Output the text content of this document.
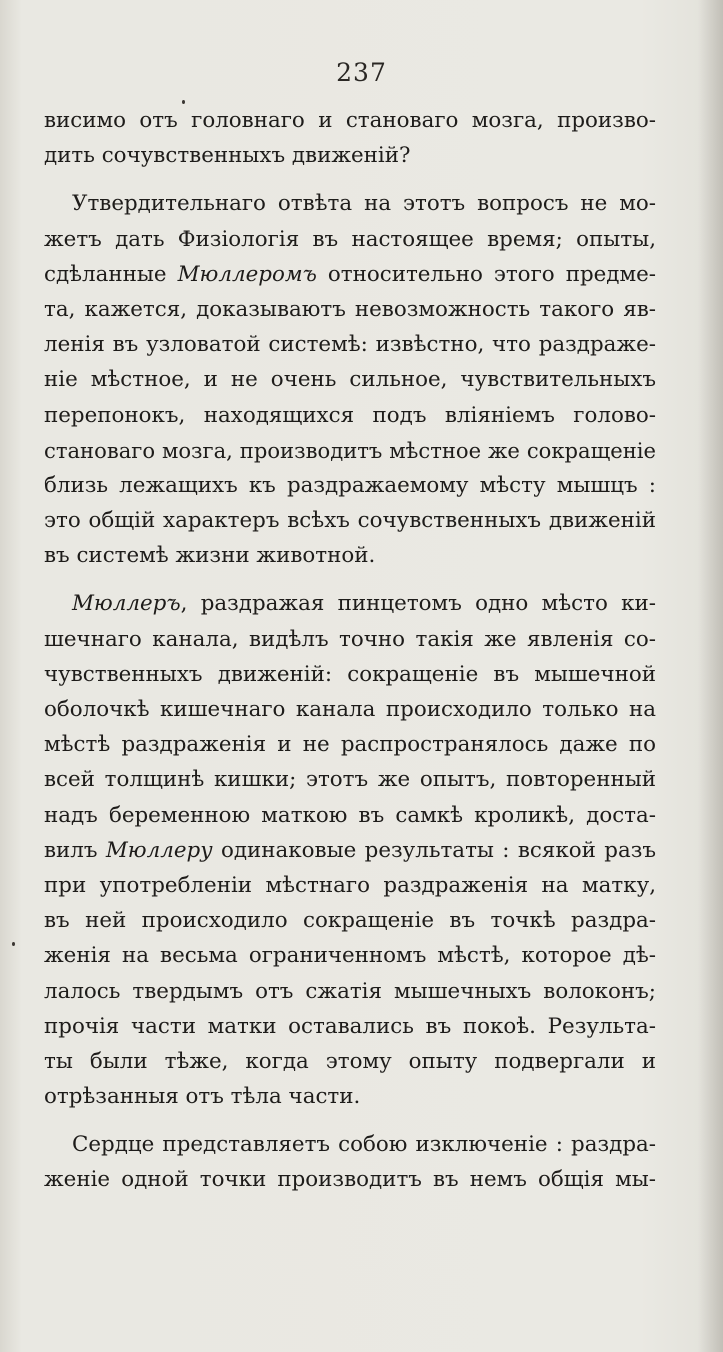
237
висимо отъ головнаго и становаго мозга, произво-
дить сочувственныхъ движеній?
Утвердительнаго отвѣта на этотъ вопросъ не мо-
жетъ дать Физіологія въ настоящее время; опыты,
сдѣланные Мюллеромъ относительно этого предме-
та, кажется, доказываютъ невозможность такого яв-
ленія въ узловатой системѣ: извѣстно, что раздраже-
ніе мѣстное, и не очень сильное, чувствительныхъ
перепонокъ, находящихся подъ вліяніемъ голово-
становаго мозга, производитъ мѣстное же сокращеніе
близь лежащихъ къ раздражаемому мѣсту мышцъ :
это общій характеръ всѣхъ сочувственныхъ движеній
въ системѣ жизни животной.
Мюллеръ, раздражая пинцетомъ одно мѣсто ки-
шечнаго канала, видѣлъ точно такія же явленія со-
чувственныхъ движеній: сокращеніе въ мышечной
оболочкѣ кишечнаго канала происходило только на
мѣстѣ раздраженія и не распространялось даже по
всей толщинѣ кишки; этотъ же опытъ, повторенный
надъ беременною маткою въ самкѣ кроликѣ, доста-
вилъ Мюллеру одинаковые результаты : всякой разъ
при употребленіи мѣстнаго раздраженія на матку,
въ ней происходило сокращеніе въ точкѣ раздра-
женія на весьма ограниченномъ мѣстѣ, которое дѣ-
лалось твердымъ отъ сжатія мышечныхъ волоконъ;
прочія части матки оставались въ покоѣ. Результа-
ты были тѣже, когда этому опыту подвергали и
отрѣзанныя отъ тѣла части.
Сердце представляетъ собою изключеніе : раздра-
женіе одной точки производитъ въ немъ общія мы-
